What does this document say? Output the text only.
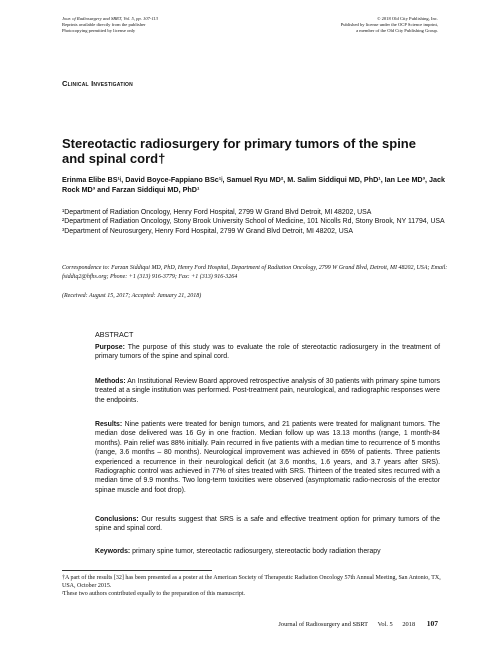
Jour. of Radiosurgery and SBRT, Vol. 5, pp. 107-113
Reprints available directly from the publisher
Photocopying permitted by license only
© 2018 Old City Publishing, Inc.
Published by license under the OCP Science imprint,
a member of the Old City Publishing Group.
Clinical Investigation
Stereotactic radiosurgery for primary tumors of the spine and spinal cord†
Erinma Elibe BS¹ʲ, David Boyce-Fappiano BSc¹ʲ, Samuel Ryu MD², M. Salim Siddiqui MD, PhD¹, Ian Lee MD³, Jack Rock MD³ and Farzan Siddiqui MD, PhD¹
¹Department of Radiation Oncology, Henry Ford Hospital, 2799 W Grand Blvd Detroit, MI 48202, USA
²Department of Radiation Oncology, Stony Brook University School of Medicine, 101 Nicolls Rd, Stony Brook, NY 11794, USA
³Department of Neurosurgery, Henry Ford Hospital, 2799 W Grand Blvd Detroit, MI 48202, USA
Correspondence to: Farzan Siddiqui MD, PhD, Henry Ford Hospital, Department of Radiation Oncology, 2799 W Grand Blvd, Detroit, MI 48202, USA; Email: fsiddiq2@hfhs.org; Phone: +1 (313) 916-3779; Fax: +1 (313) 916-3264
(Received: August 15, 2017; Accepted: January 21, 2018)
ABSTRACT
Purpose: The purpose of this study was to evaluate the role of stereotactic radiosurgery in the treatment of primary tumors of the spine and spinal cord.
Methods: An Institutional Review Board approved retrospective analysis of 30 patients with primary spine tumors treated at a single institution was performed. Post-treatment pain, neurological, and radiographic responses were the endpoints.
Results: Nine patients were treated for benign tumors, and 21 patients were treated for malignant tumors. The median dose delivered was 16 Gy in one fraction. Median follow up was 13.13 months (range, 1 month-84 months). Pain relief was 88% initially. Pain recurred in five patients with a median time to recurrence of 5 months (range, 3.6 months – 80 months). Neurological improvement was achieved in 65% of patients. Three patients experienced a recurrence in their neurological deficit (at 3.6 months, 1.6 years, and 3.7 years after SRS). Radiographic control was achieved in 77% of sites treated with SRS. Thirteen of the treated sites recurred with a median time of 9.9 months. Two long-term toxicities were observed (asymptomatic radio-necrosis of the erector spinae muscle and foot drop).
Conclusions: Our results suggest that SRS is a safe and effective treatment option for primary tumors of the spine and spinal cord.
Keywords: primary spine tumor, stereotactic radiosurgery, stereotactic body radiation therapy
†A part of the results [32] has been presented as a poster at the American Society of Therapeutic Radiation Oncology 57th Annual Meeting, San Antonio, TX, USA, October 2015.
ʲThese two authors contributed equally to the preparation of this manuscript.
Journal of Radiosurgery and SBRT Vol. 5 2018 107
